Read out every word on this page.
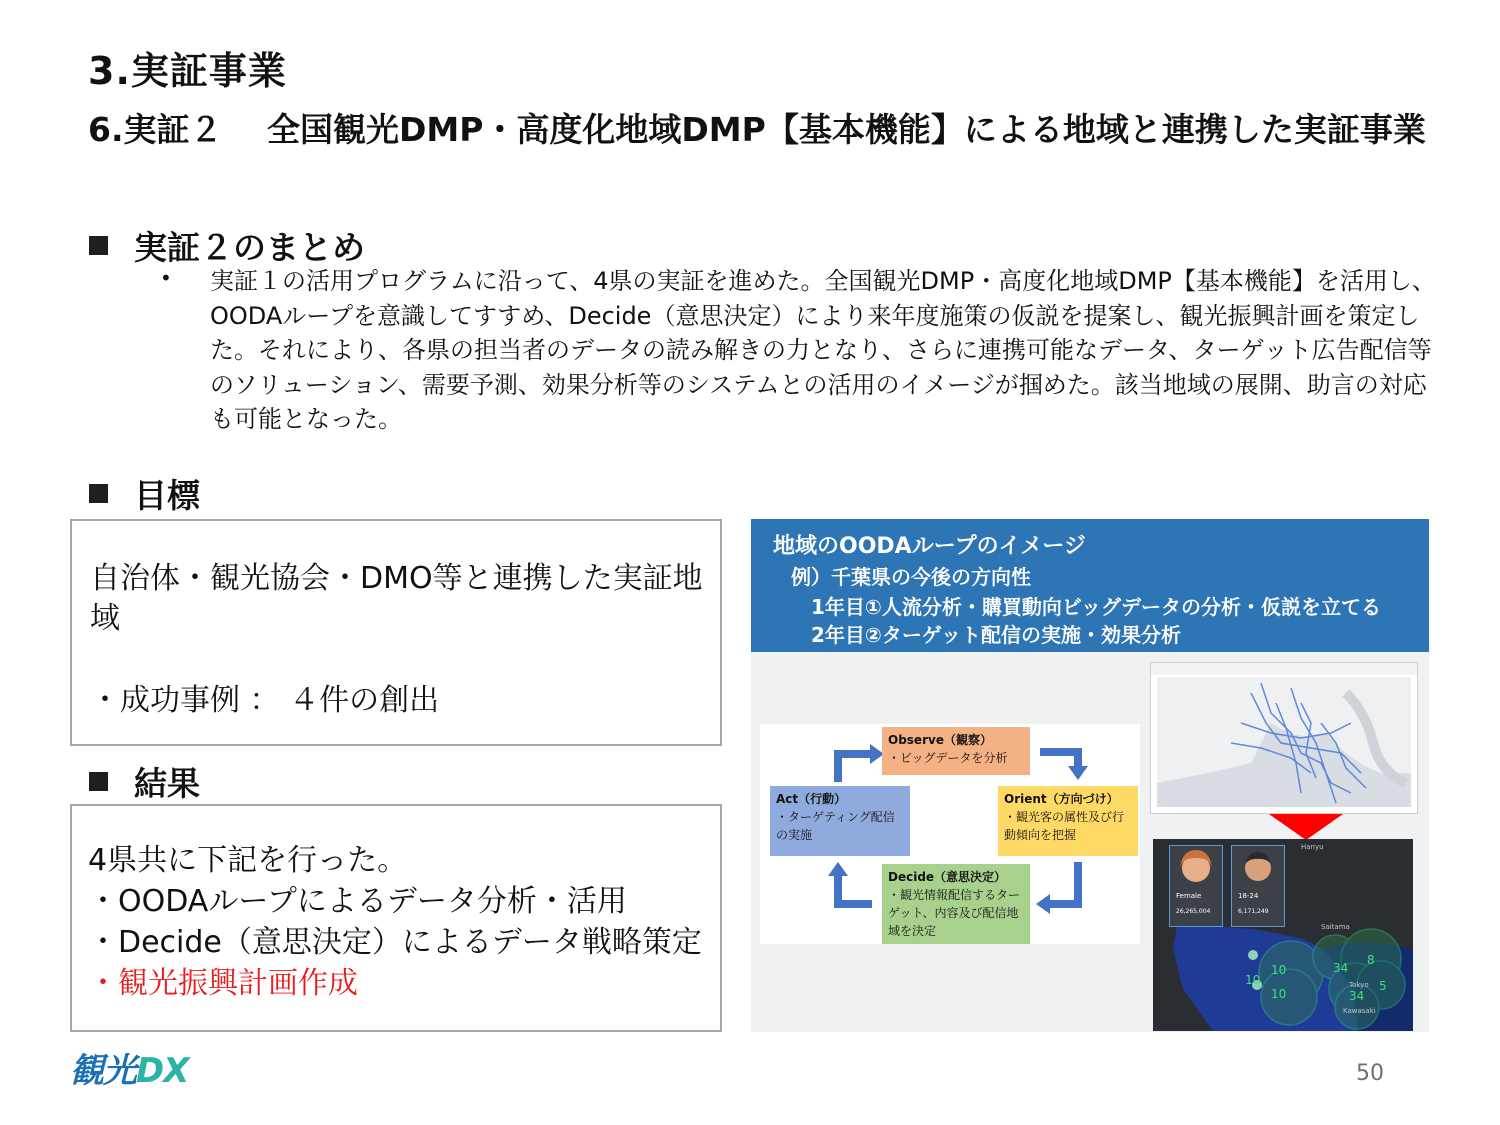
3.実証事業
6.実証２　 全国観光DMP・高度化地域DMP【基本機能】による地域と連携した実証事業
実証２のまとめ
• 実証１の活用プログラムに沿って、4県の実証を進めた。全国観光DMP・高度化地域DMP【基本機能】を活用し、OODAループを意識してすすめ、Decide（意思決定）により来年度施策の仮説を提案し、観光振興計画を策定した。それにより、各県の担当者のデータの読み解きの力となり、さらに連携可能なデータ、ターゲット広告配信等のソリューション、需要予測、効果分析等のシステムとの活用のイメージが掴めた。該当地域の展開、助言の対応も可能となった。
目標
自治体・観光協会・DMO等と連携した実証地域
・成功事例 ： ４件の創出
結果
4県共に下記を行った。
・OODAループによるデータ分析・活用
・Decide（意思決定）によるデータ戦略策定
・観光振興計画作成
地域のOODAループのイメージ
例）千葉県の今後の方向性
1年目①人流分析・購買動向ビッグデータの分析・仮説を立てる
2年目②ターゲット配信の実施・効果分析
Observe（観察）
・ビッグデータを分析
Orient（方向づけ）
・観光客の属性及び行動傾向を把握
Act（行動）
・ターゲティング配信の実施
Decide（意思決定）
・観光情報配信するターゲット、内容及び配信地域を決定
Female
26,265,004
18-24
6,171,249
Hanyu
Saitama
Tokyo
Kawasaki
10
10
34
8
34
5
10
観光DX	50
